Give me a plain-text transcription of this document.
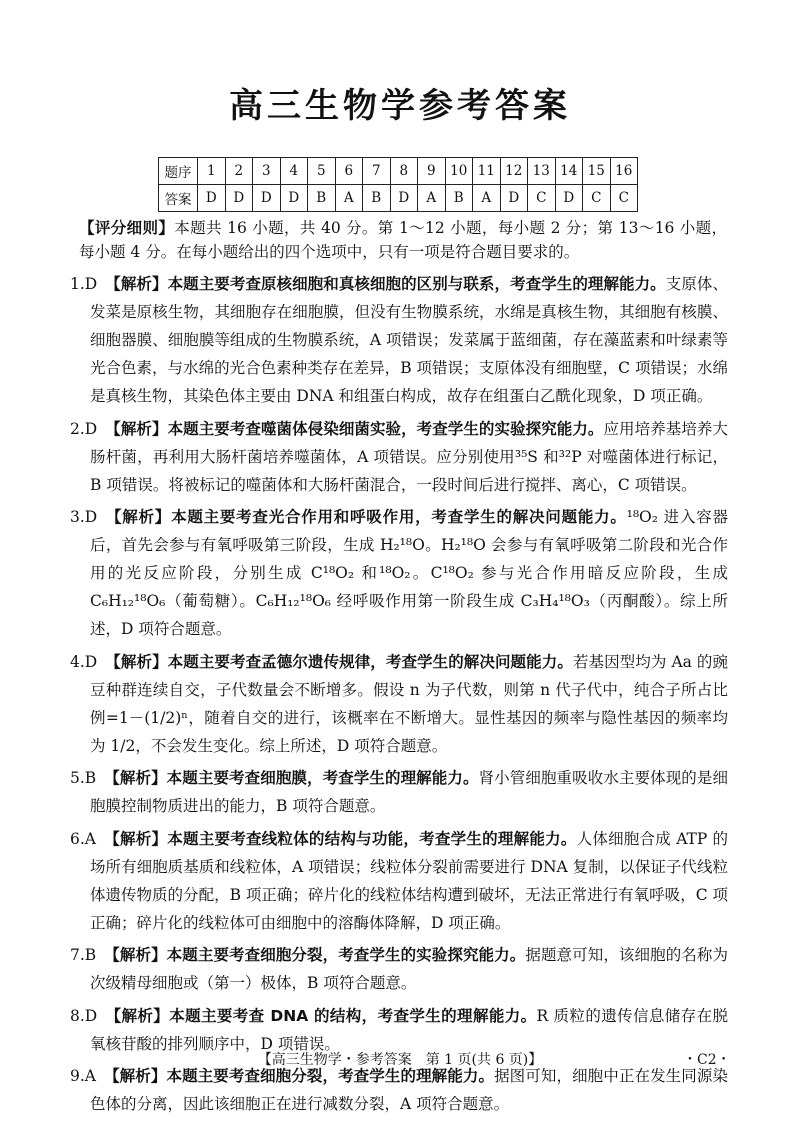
高三生物学参考答案
题序	1	2	3	4	5	6	7	8	9	10	11	12	13	14	15	16
答案	D	D	D	D	B	A	B	D	A	B	A	D	C	D	C	C
【评分细则】本题共 16 小题，共 40 分。第 1～12 小题，每小题 2 分；第 13～16 小题，每小题 4 分。在每小题给出的四个选项中，只有一项是符合题目要求的。

1.D 【解析】本题主要考查原核细胞和真核细胞的区别与联系，考查学生的理解能力。支原体、发菜是原核生物，其细胞存在细胞膜，但没有生物膜系统，水绵是真核生物，其细胞有核膜、细胞器膜、细胞膜等组成的生物膜系统，A 项错误；发菜属于蓝细菌，存在藻蓝素和叶绿素等光合色素，与水绵的光合色素种类存在差异，B 项错误；支原体没有细胞壁，C 项错误；水绵是真核生物，其染色体主要由 DNA 和组蛋白构成，故存在组蛋白乙酰化现象，D 项正确。

2.D 【解析】本题主要考查噬菌体侵染细菌实验，考查学生的实验探究能力。应用培养基培养大肠杆菌，再利用大肠杆菌培养噬菌体，A 项错误。应分别使用³⁵S 和³²P 对噬菌体进行标记，B 项错误。将被标记的噬菌体和大肠杆菌混合，一段时间后进行搅拌、离心，C 项错误。

3.D 【解析】本题主要考查光合作用和呼吸作用，考查学生的解决问题能力。¹⁸O₂ 进入容器后，首先会参与有氧呼吸第三阶段，生成 H₂¹⁸O。H₂¹⁸O 会参与有氧呼吸第二阶段和光合作用的光反应阶段，分别生成 C¹⁸O₂ 和¹⁸O₂。C¹⁸O₂ 参与光合作用暗反应阶段，生成 C₆H₁₂¹⁸O₆（葡萄糖）。C₆H₁₂¹⁸O₆ 经呼吸作用第一阶段生成 C₃H₄¹⁸O₃（丙酮酸）。综上所述，D 项符合题意。

4.D 【解析】本题主要考查孟德尔遗传规律，考查学生的解决问题能力。若基因型均为 Aa 的豌豆种群连续自交，子代数量会不断增多。假设 n 为子代数，则第 n 代子代中，纯合子所占比例=1－(1/2)ⁿ，随着自交的进行，该概率在不断增大。显性基因的频率与隐性基因的频率均为 1/2，不会发生变化。综上所述，D 项符合题意。

5.B 【解析】本题主要考查细胞膜，考查学生的理解能力。肾小管细胞重吸收水主要体现的是细胞膜控制物质进出的能力，B 项符合题意。

6.A 【解析】本题主要考查线粒体的结构与功能，考查学生的理解能力。人体细胞合成 ATP 的场所有细胞质基质和线粒体，A 项错误；线粒体分裂前需要进行 DNA 复制，以保证子代线粒体遗传物质的分配，B 项正确；碎片化的线粒体结构遭到破坏，无法正常进行有氧呼吸，C 项正确；碎片化的线粒体可由细胞中的溶酶体降解，D 项正确。

7.B 【解析】本题主要考查细胞分裂，考查学生的实验探究能力。据题意可知，该细胞的名称为次级精母细胞或（第一）极体，B 项符合题意。

8.D 【解析】本题主要考查 DNA 的结构，考查学生的理解能力。R 质粒的遗传信息储存在脱氧核苷酸的排列顺序中，D 项错误。

9.A 【解析】本题主要考查细胞分裂，考查学生的理解能力。据图可知，细胞中正在发生同源染色体的分离，因此该细胞正在进行减数分裂，A 项符合题意。

【高三生物学・参考答案　第 1 页(共 6 页)】	・C2・
